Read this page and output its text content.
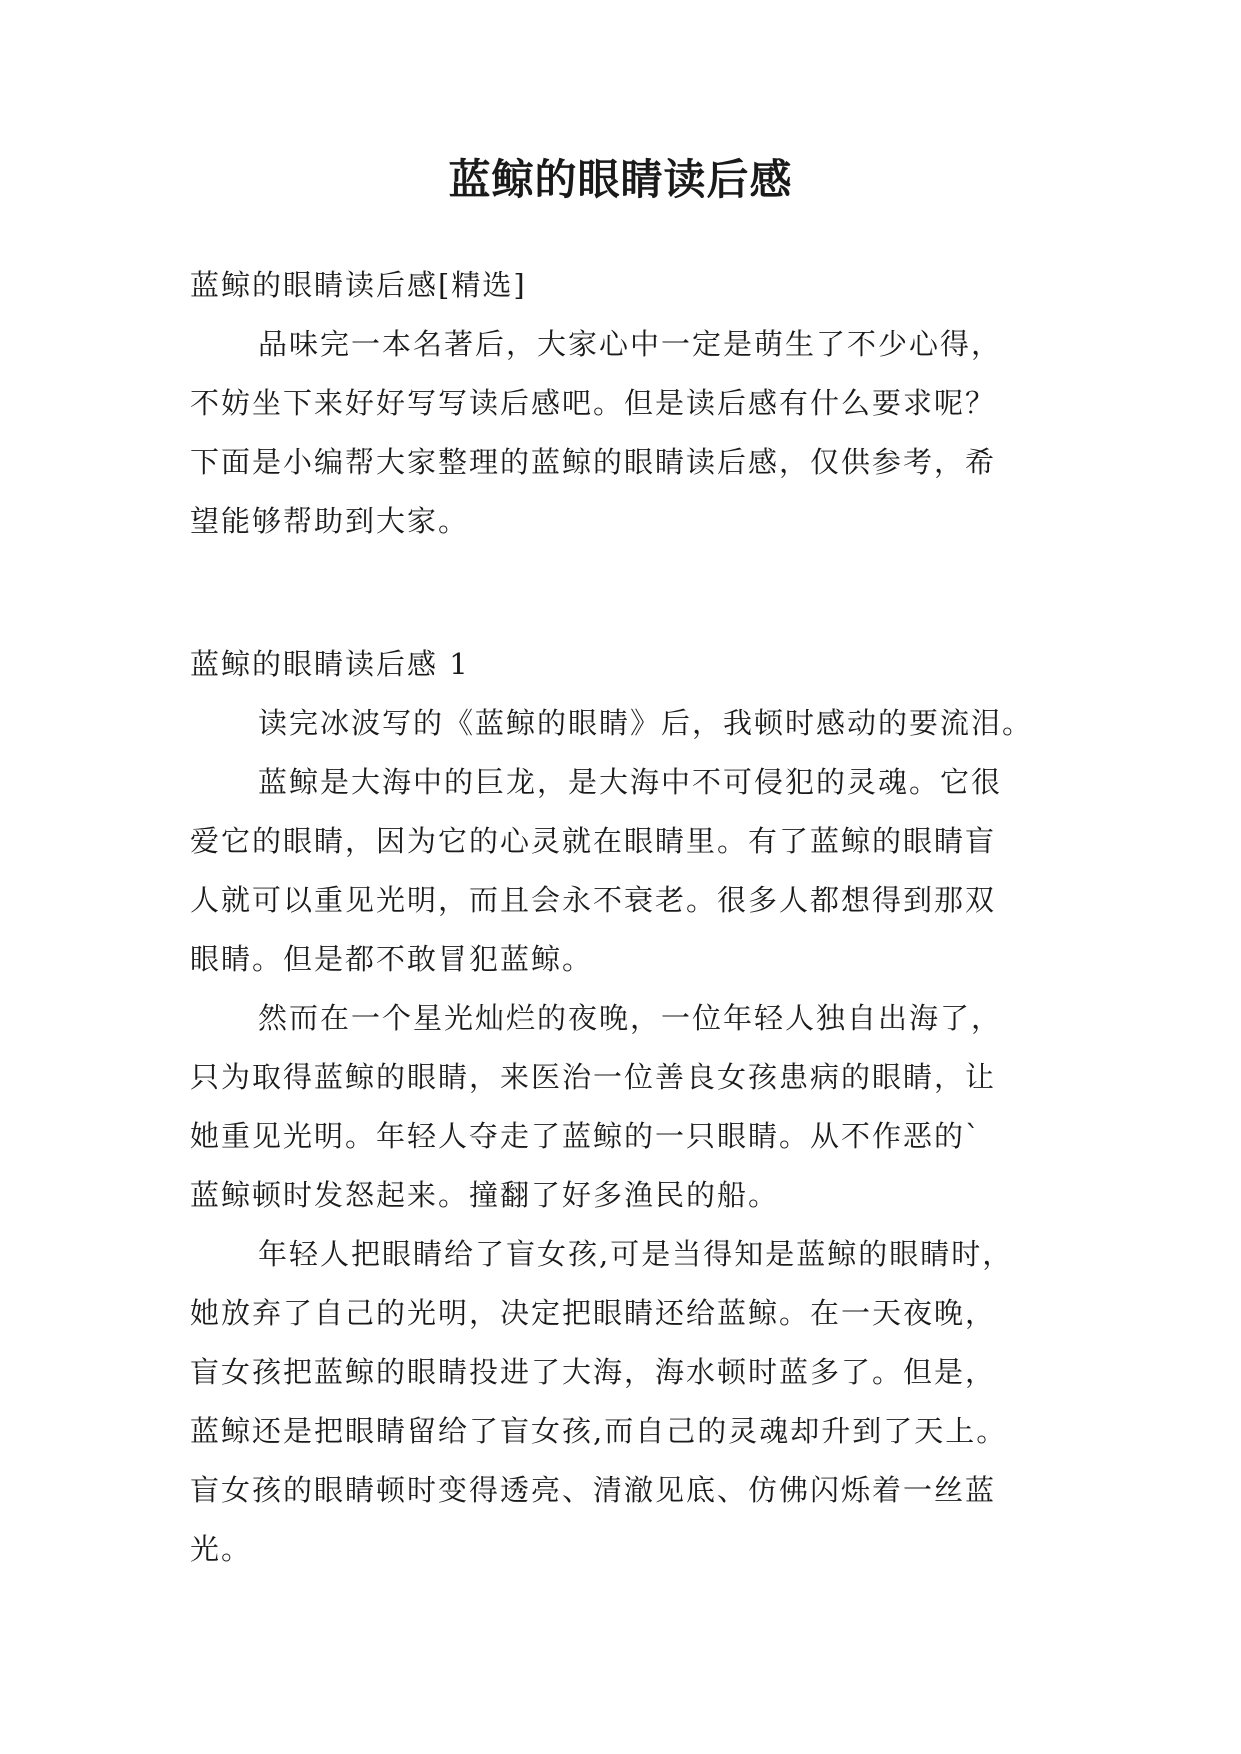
蓝鲸的眼睛读后感
蓝鲸的眼睛读后感[精选]
品味完一本名著后，大家心中一定是萌生了不少心得，
不妨坐下来好好写写读后感吧。但是读后感有什么要求呢？
下面是小编帮大家整理的蓝鲸的眼睛读后感，仅供参考，希
望能够帮助到大家。
蓝鲸的眼睛读后感 1
读完冰波写的《蓝鲸的眼睛》后，我顿时感动的要流泪。
蓝鲸是大海中的巨龙，是大海中不可侵犯的灵魂。它很
爱它的眼睛，因为它的心灵就在眼睛里。有了蓝鲸的眼睛盲
人就可以重见光明，而且会永不衰老。很多人都想得到那双
眼睛。但是都不敢冒犯蓝鲸。
然而在一个星光灿烂的夜晚，一位年轻人独自出海了，
只为取得蓝鲸的眼睛，来医治一位善良女孩患病的眼睛，让
她重见光明。年轻人夺走了蓝鲸的一只眼睛。从不作恶的`
蓝鲸顿时发怒起来。撞翻了好多渔民的船。
年轻人把眼睛给了盲女孩,可是当得知是蓝鲸的眼睛时，
她放弃了自己的光明，决定把眼睛还给蓝鲸。在一天夜晚，
盲女孩把蓝鲸的眼睛投进了大海，海水顿时蓝多了。但是，
蓝鲸还是把眼睛留给了盲女孩,而自己的灵魂却升到了天上。
盲女孩的眼睛顿时变得透亮、清澈见底、仿佛闪烁着一丝蓝
光。
